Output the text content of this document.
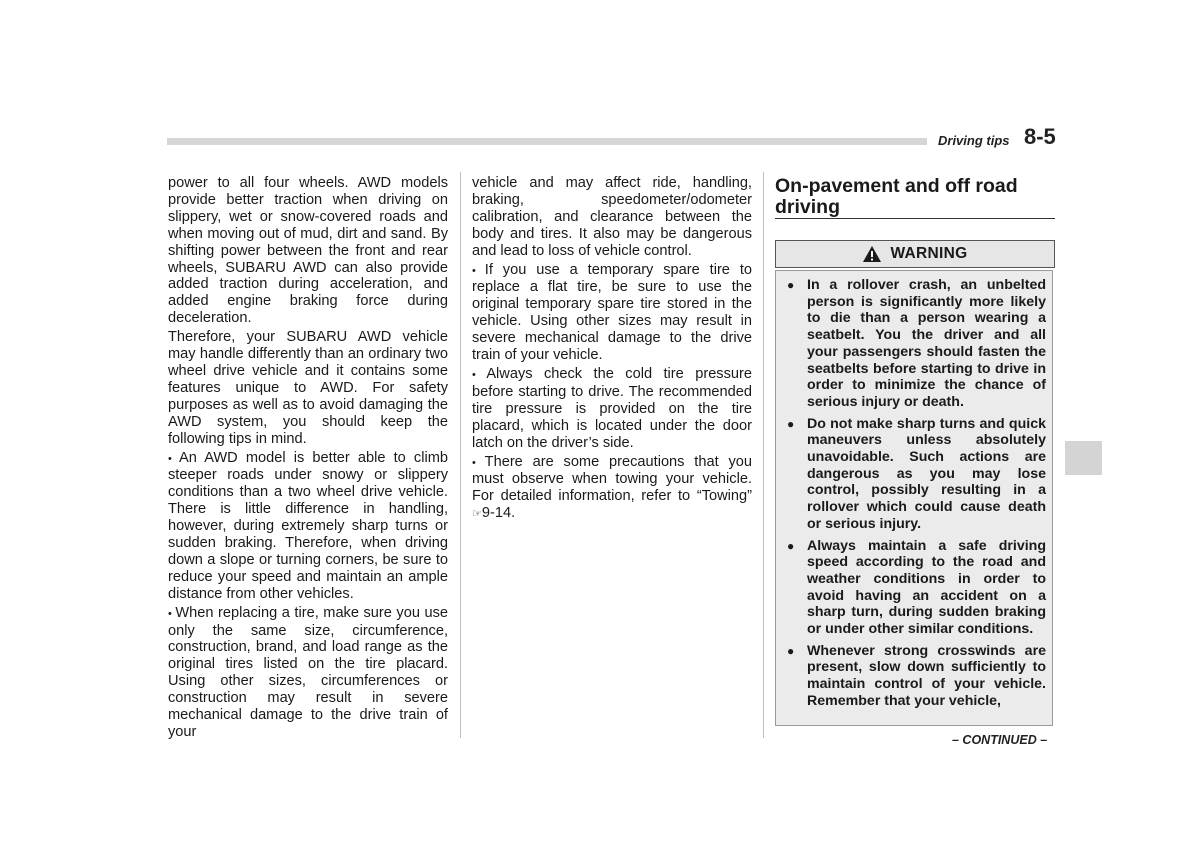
Driving tips 8-5

power to all four wheels. AWD models provide better traction when driving on slippery, wet or snow-covered roads and when moving out of mud, dirt and sand. By shifting power between the front and rear wheels, SUBARU AWD can also provide added traction during acceleration, and added engine braking force during deceleration.

Therefore, your SUBARU AWD vehicle may handle differently than an ordinary two wheel drive vehicle and it contains some features unique to AWD. For safety purposes as well as to avoid damaging the AWD system, you should keep the following tips in mind.

• An AWD model is better able to climb steeper roads under snowy or slippery conditions than a two wheel drive vehicle. There is little difference in handling, however, during extremely sharp turns or sudden braking. Therefore, when driving down a slope or turning corners, be sure to reduce your speed and maintain an ample distance from other vehicles.

• When replacing a tire, make sure you use only the same size, circumference, construction, brand, and load range as the original tires listed on the tire placard. Using other sizes, circumferences or construction may result in severe mechanical damage to the drive train of your

vehicle and may affect ride, handling, braking, speedometer/odometer calibration, and clearance between the body and tires. It also may be dangerous and lead to loss of vehicle control.

• If you use a temporary spare tire to replace a flat tire, be sure to use the original temporary spare tire stored in the vehicle. Using other sizes may result in severe mechanical damage to the drive train of your vehicle.

• Always check the cold tire pressure before starting to drive. The recommended tire pressure is provided on the tire placard, which is located under the door latch on the driver’s side.

• There are some precautions that you must observe when towing your vehicle. For detailed information, refer to “Towing” ☞9-14.

On-pavement and off road driving
WARNING
● In a rollover crash, an unbelted person is significantly more likely to die than a person wearing a seatbelt. You the driver and all your passengers should fasten the seatbelts before starting to drive in order to minimize the chance of serious injury or death.
● Do not make sharp turns and quick maneuvers unless absolutely unavoidable. Such actions are dangerous as you may lose control, possibly resulting in a rollover which could cause death or serious injury.
● Always maintain a safe driving speed according to the road and weather conditions in order to avoid having an accident on a sharp turn, during sudden braking or under other similar conditions.
● Whenever strong crosswinds are present, slow down sufficiently to maintain control of your vehicle. Remember that your vehicle,
– CONTINUED –
